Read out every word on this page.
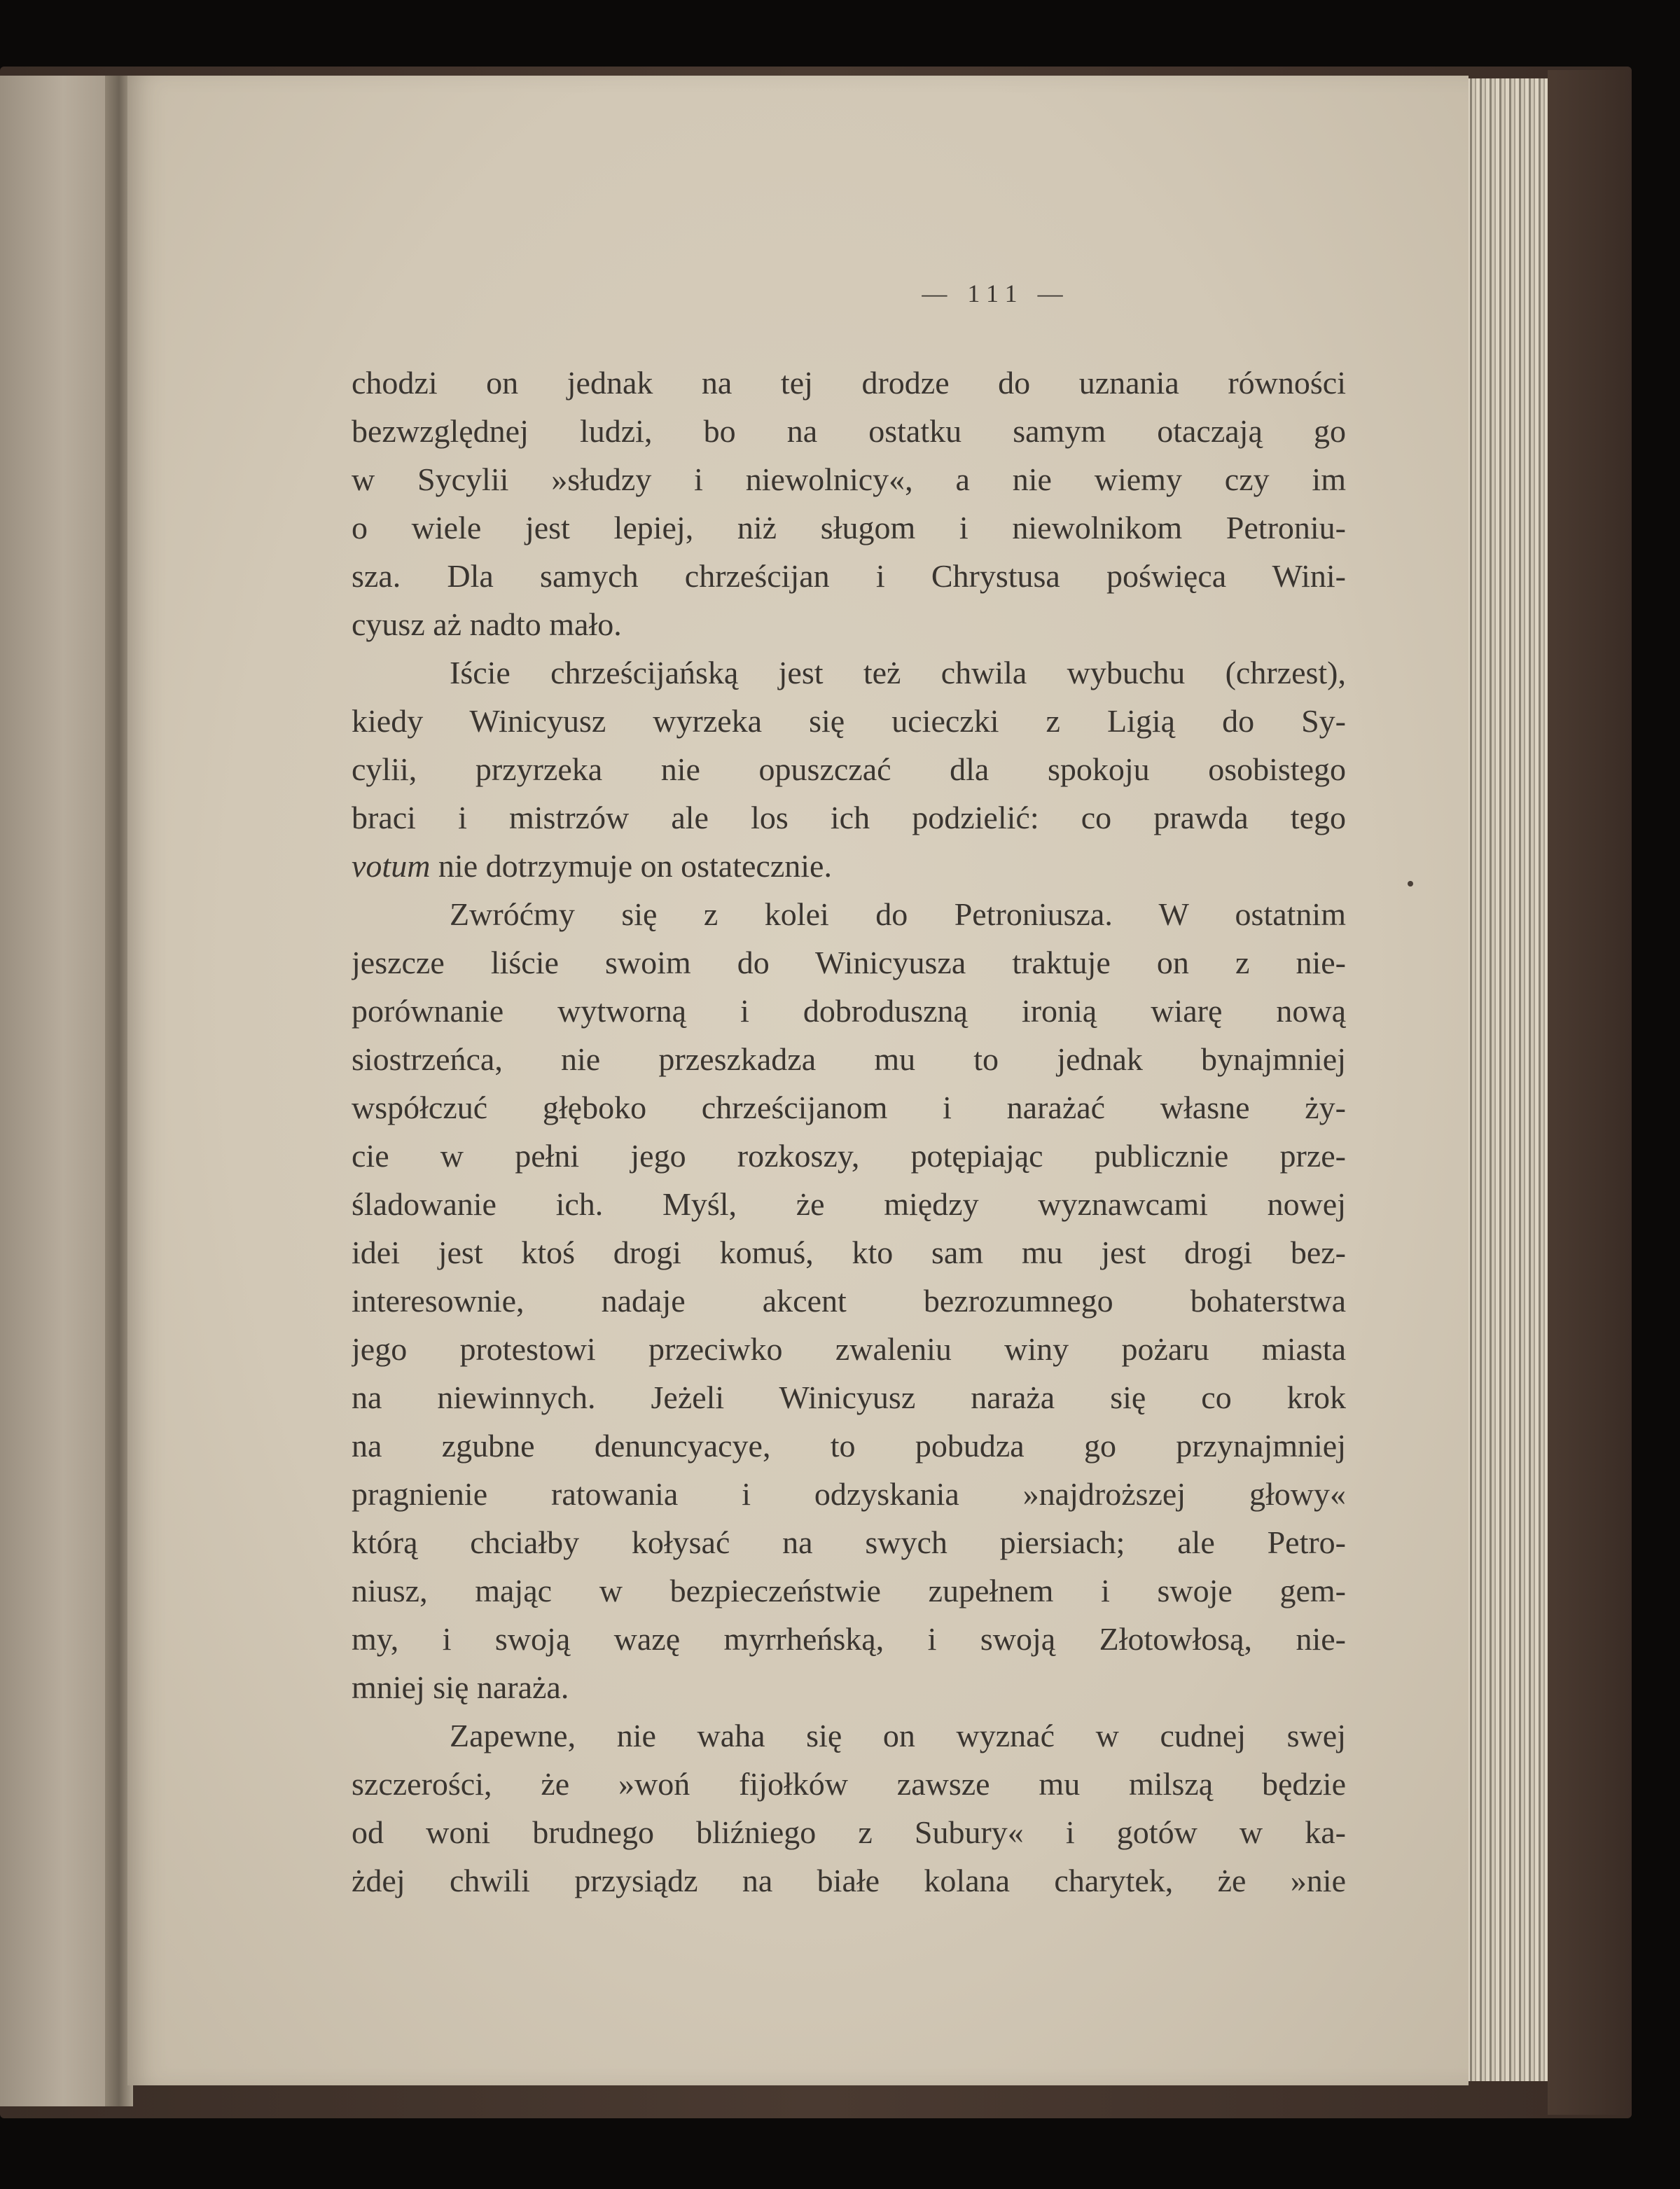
— 111 —
chodzi on jednak na tej drodze do uznania równości
bezwzględnej ludzi, bo na ostatku samym otaczają go
w Sycylii »słudzy i niewolnicy«, a nie wiemy czy im
o wiele jest lepiej, niż sługom i niewolnikom Petroniu-
sza. Dla samych chrześcijan i Chrystusa poświęca Wini-
cyusz aż nadto mało.
Iście chrześcijańską jest też chwila wybuchu (chrzest),
kiedy Winicyusz wyrzeka się ucieczki z Ligią do Sy-
cylii, przyrzeka nie opuszczać dla spokoju osobistego
braci i mistrzów ale los ich podzielić: co prawda tego
votum nie dotrzymuje on ostatecznie.
Zwróćmy się z kolei do Petroniusza. W ostatnim
jeszcze liście swoim do Winicyusza traktuje on z nie-
porównanie wytworną i dobroduszną ironią wiarę nową
siostrzeńca, nie przeszkadza mu to jednak bynajmniej
współczuć głęboko chrześcijanom i narażać własne ży-
cie w pełni jego rozkoszy, potępiając publicznie prze-
śladowanie ich. Myśl, że między wyznawcami nowej
idei jest ktoś drogi komuś, kto sam mu jest drogi bez-
interesownie, nadaje akcent bezrozumnego bohaterstwa
jego protestowi przeciwko zwaleniu winy pożaru miasta
na niewinnych. Jeżeli Winicyusz naraża się co krok
na zgubne denuncyacye, to pobudza go przynajmniej
pragnienie ratowania i odzyskania »najdroższej głowy«
którą chciałby kołysać na swych piersiach; ale Petro-
niusz, mając w bezpieczeństwie zupełnem i swoje gem-
my, i swoją wazę myrrheńską, i swoją Złotowłosą, nie-
mniej się naraża.
Zapewne, nie waha się on wyznać w cudnej swej
szczerości, że »woń fijołków zawsze mu milszą będzie
od woni brudnego bliźniego z Subury« i gotów w ka-
żdej chwili przysiądz na białe kolana charytek, że »nie
